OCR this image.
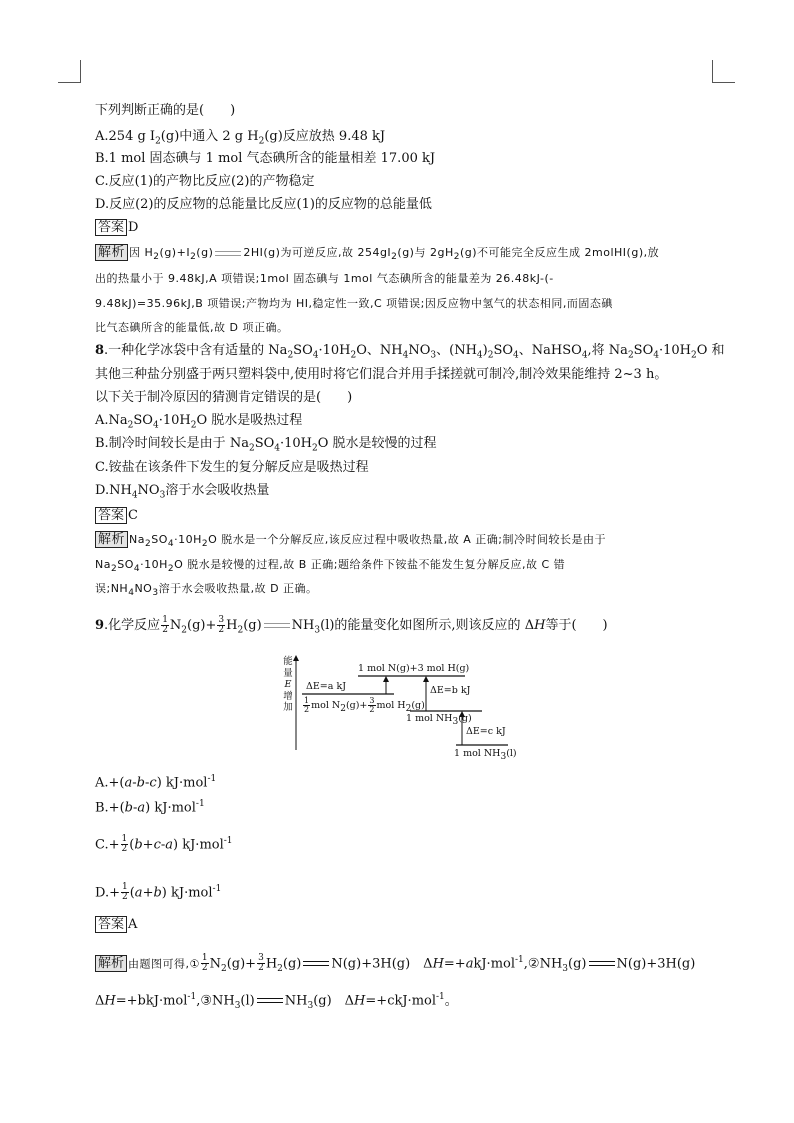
下列判断正确的是(　　)
A.254 g $I_2(g)$中通入 2 g $H_2(g)$反应放热 9.48 kJ
B.1 mol 固态碘与 1 mol 气态碘所含的能量相差 17.00 kJ
C.反应(1)的产物比反应(2)的产物稳定
D.反应(2)的反应物的总能量比反应(1)的反应物的总能量低
答案 D
解析 因 $H_2(g)+I_2(g)$	2HI(g)为可逆反应,故 $254gI_2(g)$与 $2gH_2(g)$不可能完全反应生成 2molHI(g),放
出的热量小于 9.48kJ,A 项错误;1mol 固态碘与 1mol 气态碘所含的能量差为 26.48kJ-(-
9.48kJ)=35.96kJ,B 项错误;产物均为 HI,稳定性一致,C 项错误;因反应物中氢气的状态相同,而固态碘
比气态碘所含的能量低,故 D 项正确。
8.一种化学冰袋中含有适量的 $Na_2SO_4\cdot 10H_2O$、$NH_4NO_3$、$(NH_4)_2SO_4$、NaHSO$_4$,将 $Na_2SO_4\cdot 10H_2O$ 和
其他三种盐分别盛于两只塑料袋中,使用时将它们混合并用手揉搓就可制冷,制冷效果能维持 2~3 h。
以下关于制冷原因的猜测肯定错误的是(　　)
$A.Na_2SO_4\cdot 10H_2O$ 脱水是吸热过程
B.制冷时间较长是由于 $Na_2SO_4\cdot 10H_2O$ 脱水是较慢的过程
C.铵盐在该条件下发生的复分解反应是吸热过程
$D.NH_4NO_3$溶于水会吸收热量
答案 C
解析 $Na_2SO_4\cdot 10H_2O$ 脱水是一个分解反应,该反应过程中吸收热量,故 A 正确;制冷时间较长是由于
$Na_2SO_4\cdot 10H_2O$ 脱水是较慢的过程,故 B 正确;题给条件下铵盐不能发生复分解反应,故 C 错
误$;NH_4NO_3$溶于水会吸收热量,故 D 正确。
9.化学反应 $\frac{1}{2} N_2(g)+ \frac{3}{2} H_2(g)$ $NH_3(l)$的能量变化如图所示,则该反应的 ΔH等于(　　)
能
量
E
增
加
1 mol N(g)+3 mol H(g)
ΔE=a kJ	ΔE=b kJ
ΔE=c kJ
$\frac{1}{2}$ mol $N_2(g)+ \frac{3}{2}$ mol $H_2(g)$
1 mol $NH_3(g)$
1 mol $NH_3(l)$
A.+(a-b-c) kJ·mol$^{-1}$
B.+(b-a) kJ·mol$^{-1}$
$C.+ \frac{1}{2} (b+c-a)$ kJ·mol$^{-1}$
$D.+ \frac{1}{2} (a+b)$ kJ·mol$^{-1}$
答案 A
解析 由题图可得,① $\frac{1}{2} N_2(g)+ \frac{3}{2} H_2(g)$ N(g)+3H(g)　$\Delta H=+akJ\cdot mol^{-1},②NH_3(g)$ N(g)+3H(g)
$\Delta H=+bkJ\cdot mol^{-1},③NH_3(l)$ $NH_3(g)$　ΔH=+ckJ·mol$^{-1}$。
